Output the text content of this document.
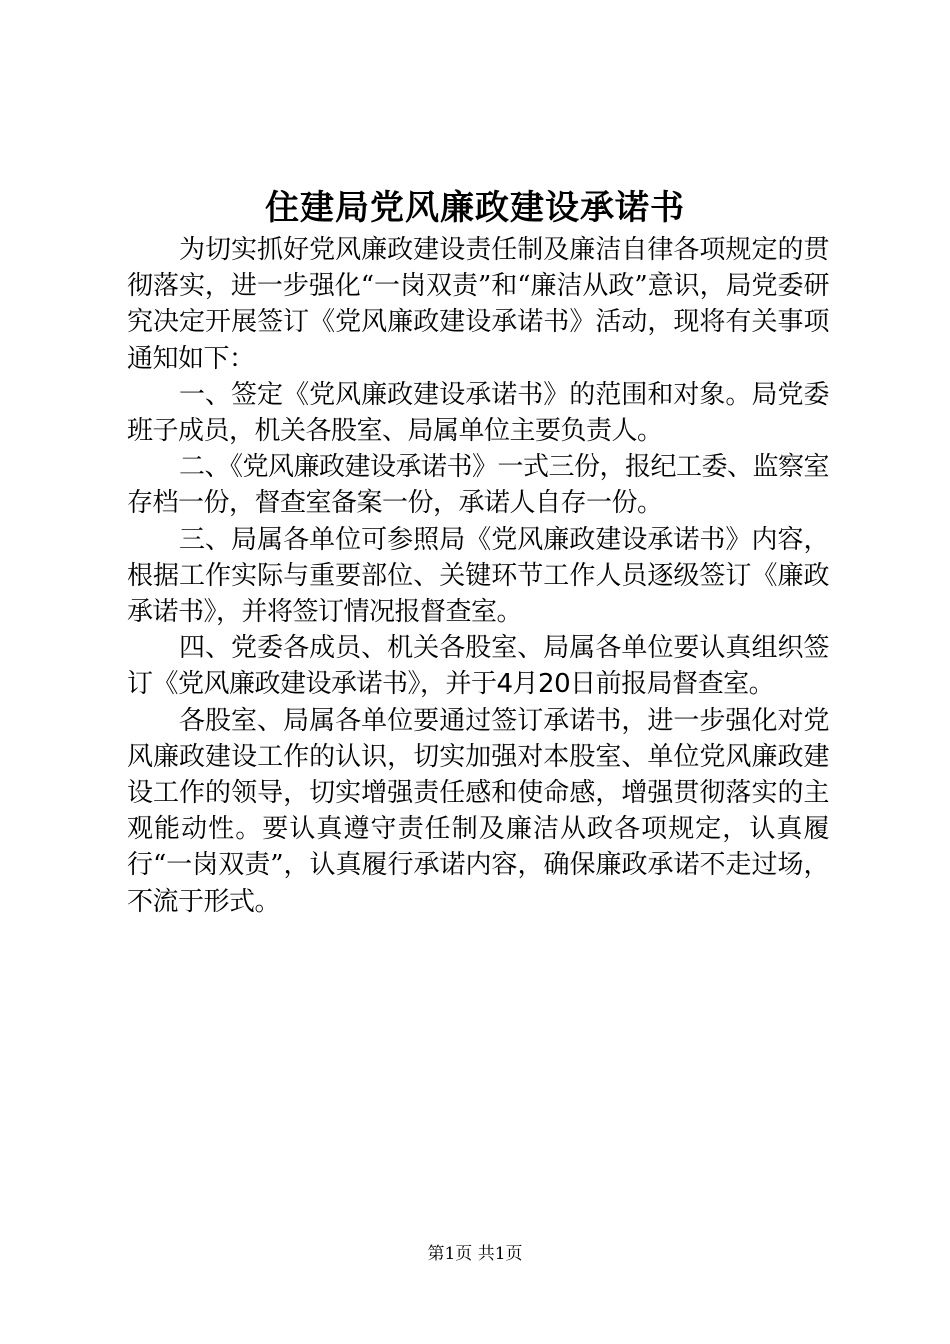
住建局党风廉政建设承诺书

为切实抓好党风廉政建设责任制及廉洁自律各项规定的贯彻落实，进一步强化“一岗双责”和“廉洁从政”意识，局党委研究决定开展签订《党风廉政建设承诺书》活动，现将有关事项通知如下：

一、签定《党风廉政建设承诺书》的范围和对象。局党委班子成员，机关各股室、局属单位主要负责人。

二、《党风廉政建设承诺书》一式三份，报纪工委、监察室存档一份，督查室备案一份，承诺人自存一份。

三、局属各单位可参照局《党风廉政建设承诺书》内容，根据工作实际与重要部位、关键环节工作人员逐级签订《廉政承诺书》，并将签订情况报督查室。

四、党委各成员、机关各股室、局属各单位要认真组织签订《党风廉政建设承诺书》，并于4月20日前报局督查室。

各股室、局属各单位要通过签订承诺书，进一步强化对党风廉政建设工作的认识，切实加强对本股室、单位党风廉政建设工作的领导，切实增强责任感和使命感，增强贯彻落实的主观能动性。要认真遵守责任制及廉洁从政各项规定，认真履行“一岗双责”，认真履行承诺内容，确保廉政承诺不走过场，不流于形式。

第1页 共1页
